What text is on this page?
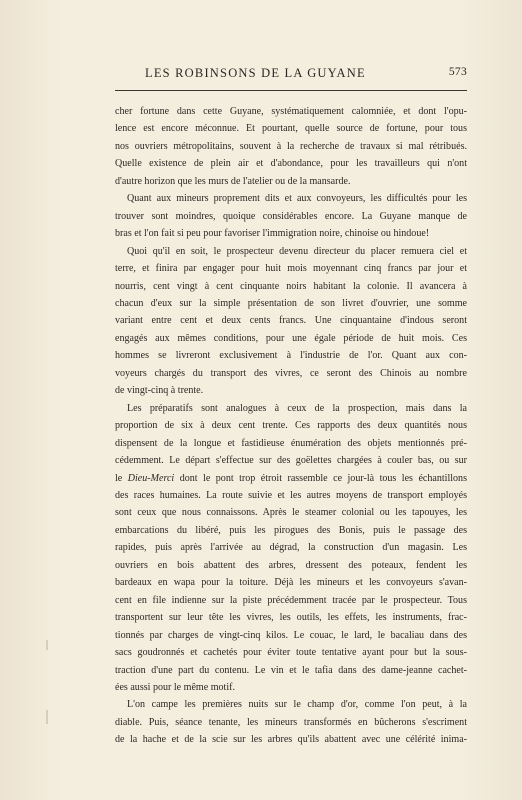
LES ROBINSONS DE LA GUYANE	573

cher fortune dans cette Guyane, systématiquement calomniée, et dont l'opu-
lence est encore méconnue. Et pourtant, quelle source de fortune, pour tous
nos ouvriers métropolitains, souvent à la recherche de travaux si mal rétribués.
Quelle existence de plein air et d'abondance, pour les travailleurs qui n'ont
d'autre horizon que les murs de l'atelier ou de la mansarde.

Quant aux mineurs proprement dits et aux convoyeurs, les difficultés pour les
trouver sont moindres, quoique considérables encore. La Guyane manque de
bras et l'on fait si peu pour favoriser l'immigration noire, chinoise ou hindoue!

Quoi qu'il en soit, le prospecteur devenu directeur du placer remuera ciel et
terre, et finira par engager pour huit mois moyennant cinq francs par jour et
nourris, cent vingt à cent cinquante noirs habitant la colonie. Il avancera à
chacun d'eux sur la simple présentation de son livret d'ouvrier, une somme
variant entre cent et deux cents francs. Une cinquantaine d'indous seront
engagés aux mêmes conditions, pour une égale période de huit mois. Ces
hommes se livreront exclusivement à l'industrie de l'or. Quant aux con-
voyeurs chargés du transport des vivres, ce seront des Chinois au nombre
de vingt-cinq à trente.

Les préparatifs sont analogues à ceux de la prospection, mais dans la
proportion de six à deux cent trente. Ces rapports des deux quantités nous
dispensent de la longue et fastidieuse énumération des objets mentionnés pré-
cédemment. Le départ s'effectue sur des goëlettes chargées à couler bas, ou sur
le Dieu-Merci dont le pont trop étroit rassemble ce jour-là tous les échantillons
des races humaines. La route suivie et les autres moyens de transport employés
sont ceux que nous connaissons. Après le steamer colonial ou les tapouyes, les
embarcations du libéré, puis les pirogues des Bonis, puis le passage des
rapides, puis après l'arrivée au dégrad, la construction d'un magasin. Les
ouvriers en bois abattent des arbres, dressent des poteaux, fendent les
bardeaux en wapa pour la toiture. Déjà les mineurs et les convoyeurs s'avan-
cent en file indienne sur la piste précédemment tracée par le prospecteur. Tous
transportent sur leur tête les vivres, les outils, les effets, les instruments, frac-
tionnés par charges de vingt-cinq kilos. Le couac, le lard, le bacaliau dans des
sacs goudronnés et cachetés pour éviter toute tentative ayant pour but la sous-
traction d'une part du contenu. Le vin et le tafia dans des dame-jeanne cachet-
ées aussi pour le même motif.

L'on campe les premières nuits sur le champ d'or, comme l'on peut, à la
diable. Puis, séance tenante, les mineurs transformés en bûcherons s'escriment
de la hache et de la scie sur les arbres qu'ils abattent avec une célérité inima-
